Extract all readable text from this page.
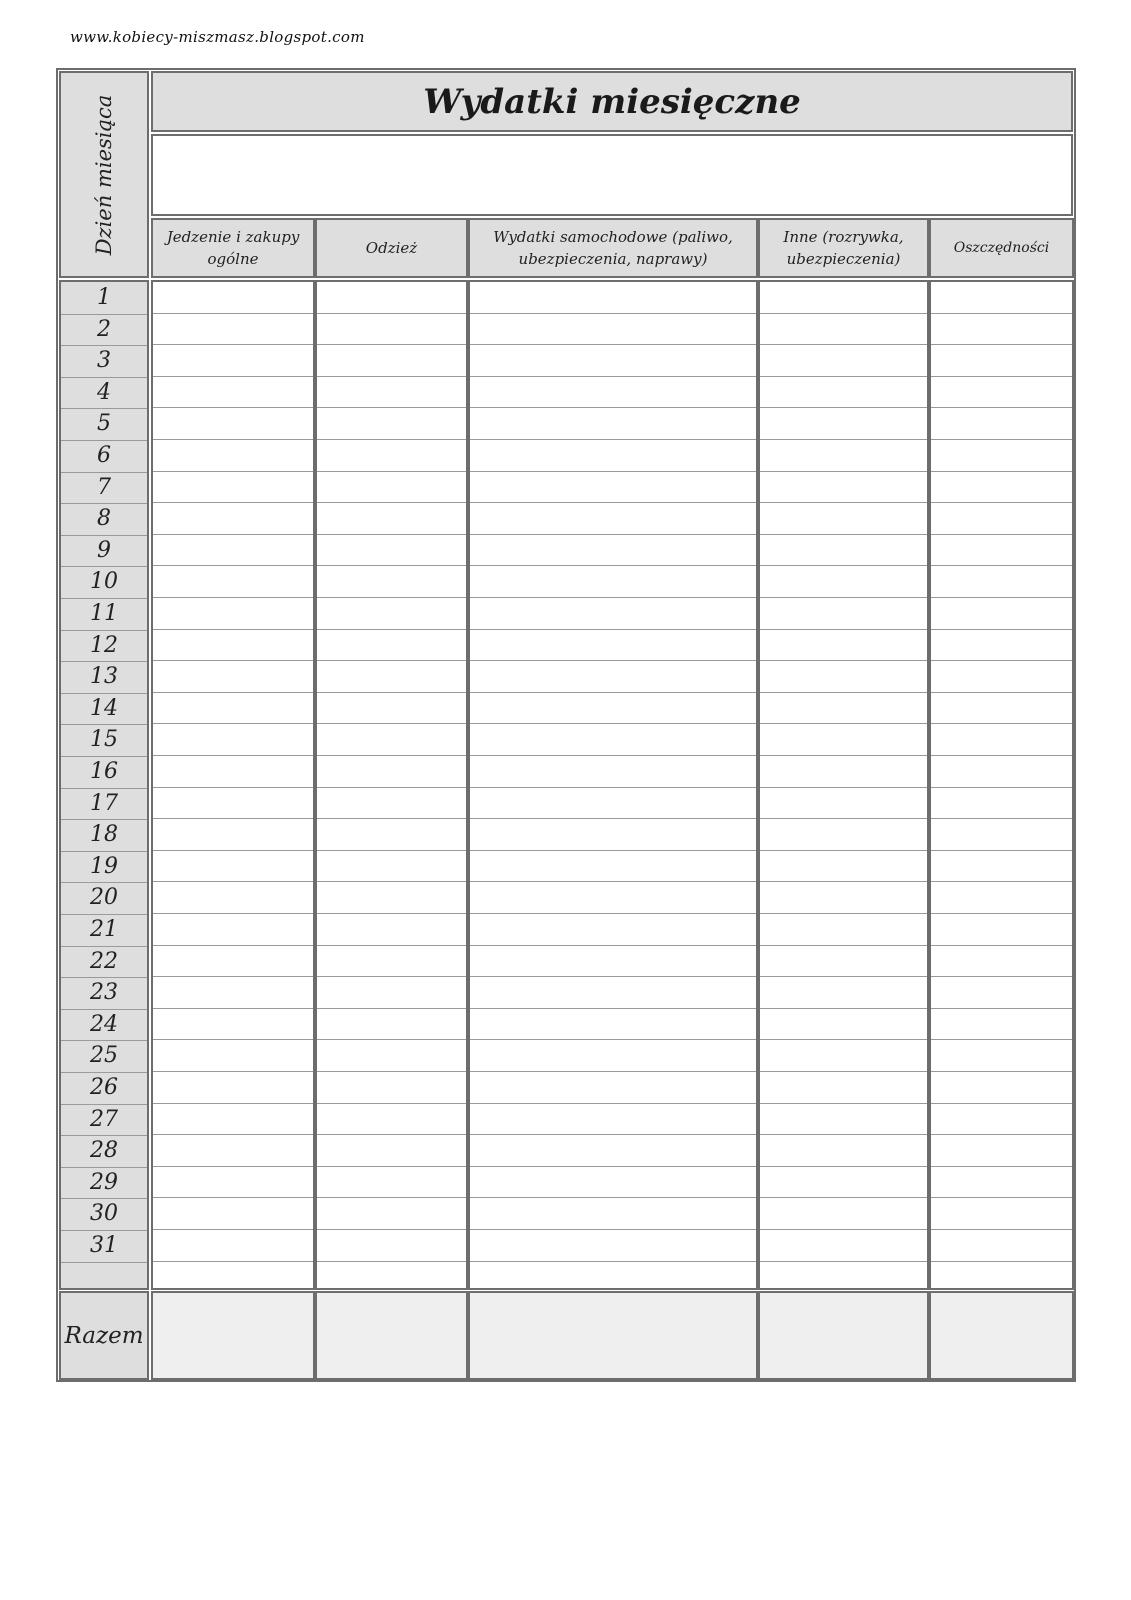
www.kobiecy-miszmasz.blogspot.com
Dzień miesiąca	Wydatki miesięczne
Jedzenie i zakupy ogólne
Odzież
Wydatki samochodowe (paliwo, ubezpieczenia, naprawy)
Inne (rozrywka, ubezpieczenia)
Oszczędności
1
2
3
4
5
6
7
8
9
10
11
12
13
14
15
16
17
18
19
20
21
22
23
24
25
26
27
28
29
30
31
Razem
